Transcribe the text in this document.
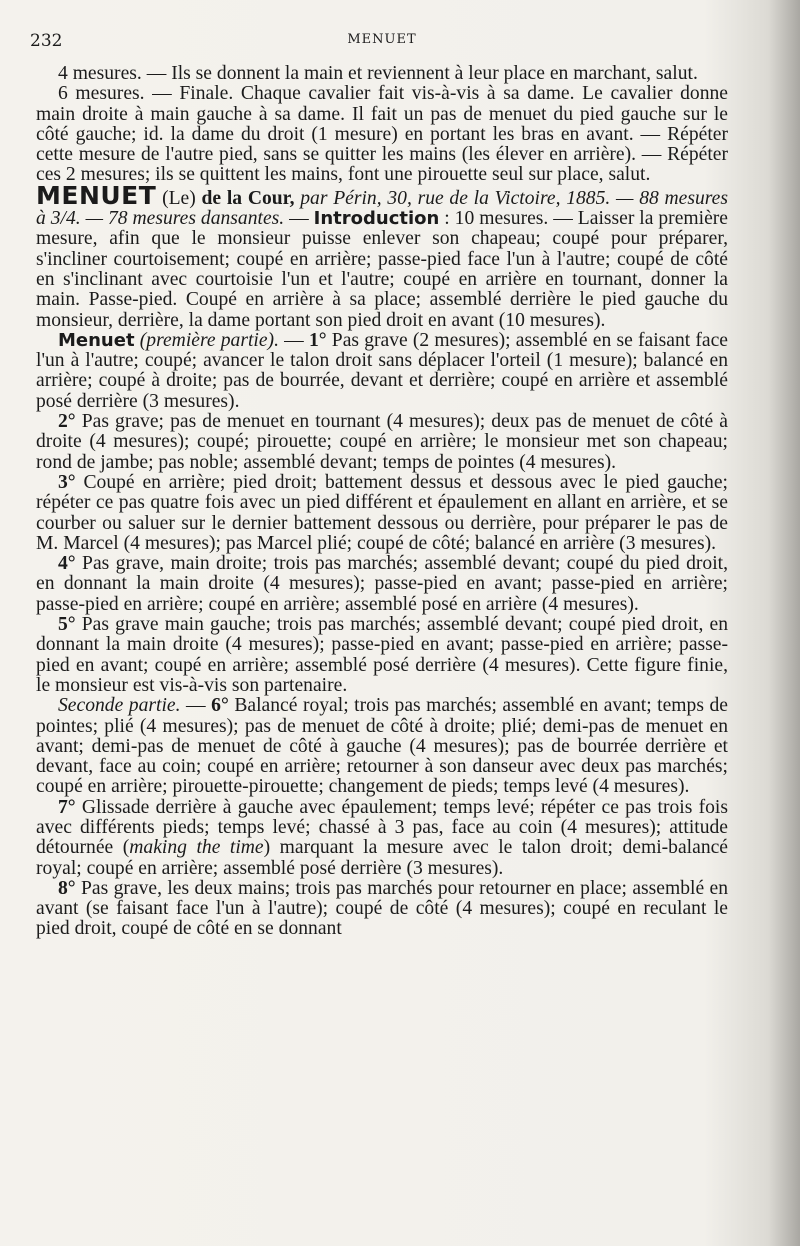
232	MENUET

4 mesures. — Ils se donnent la main et reviennent à leur place en marchant, salut.

6 mesures. — Finale. Chaque cavalier fait vis-à-vis à sa dame. Le cavalier donne main droite à main gauche à sa dame. Il fait un pas de menuet du pied gauche sur le côté gauche; id. la dame du droit (1 mesure) en portant les bras en avant. — Répéter cette mesure de l'autre pied, sans se quitter les mains (les élever en arrière). — Répéter ces 2 mesures; ils se quittent les mains, font une pirouette seul sur place, salut.

MENUET (Le) de la Cour, par Périn, 30, rue de la Victoire, 1885. — 88 mesures à 3/4. — 78 mesures dansantes. — Introduction : 10 mesures. — Laisser la première mesure, afin que le monsieur puisse enlever son chapeau; coupé pour préparer, s'incliner courtoisement; coupé en arrière; passe-pied face l'un à l'autre; coupé de côté en s'inclinant avec courtoisie l'un et l'autre; coupé en arrière en tournant, donner la main. Passe-pied. Coupé en arrière à sa place; assemblé derrière le pied gauche du monsieur, derrière, la dame portant son pied droit en avant (10 mesures).

Menuet (première partie). — 1° Pas grave (2 mesures); assemblé en se faisant face l'un à l'autre; coupé; avancer le talon droit sans déplacer l'orteil (1 mesure); balancé en arrière; coupé à droite; pas de bourrée, devant et derrière; coupé en arrière et assemblé posé derrière (3 mesures).

2° Pas grave; pas de menuet en tournant (4 mesures); deux pas de menuet de côté à droite (4 mesures); coupé; pirouette; coupé en arrière; le monsieur met son chapeau; rond de jambe; pas noble; assemblé devant; temps de pointes (4 mesures).

3° Coupé en arrière; pied droit; battement dessus et dessous avec le pied gauche; répéter ce pas quatre fois avec un pied différent et épaulement en allant en arrière, et se courber ou saluer sur le dernier battement dessous ou derrière, pour préparer le pas de M. Marcel (4 mesures); pas Marcel plié; coupé de côté; balancé en arrière (3 mesures).

4° Pas grave, main droite; trois pas marchés; assemblé devant; coupé du pied droit, en donnant la main droite (4 mesures); passe-pied en avant; passe-pied en arrière; passe-pied en arrière; coupé en arrière; assemblé posé en arrière (4 mesures).

5° Pas grave main gauche; trois pas marchés; assemblé devant; coupé pied droit, en donnant la main droite (4 mesures); passe-pied en avant; passe-pied en arrière; passe-pied en avant; coupé en arrière; assemblé posé derrière (4 mesures). Cette figure finie, le monsieur est vis-à-vis son partenaire.

Seconde partie. — 6° Balancé royal; trois pas marchés; assemblé en avant; temps de pointes; plié (4 mesures); pas de menuet de côté à droite; plié; demi-pas de menuet en avant; demi-pas de menuet de côté à gauche (4 mesures); pas de bourrée derrière et devant, face au coin; coupé en arrière; retourner à son danseur avec deux pas marchés; coupé en arrière; pirouette-pirouette; changement de pieds; temps levé (4 mesures).

7° Glissade derrière à gauche avec épaulement; temps levé; répéter ce pas trois fois avec différents pieds; temps levé; chassé à 3 pas, face au coin (4 mesures); attitude détournée (making the time) marquant la mesure avec le talon droit; demi-balancé royal; coupé en arrière; assemblé posé derrière (3 mesures).

8° Pas grave, les deux mains; trois pas marchés pour retourner en place; assemblé en avant (se faisant face l'un à l'autre); coupé de côté (4 mesures); coupé en reculant le pied droit, coupé de côté en se donnant
